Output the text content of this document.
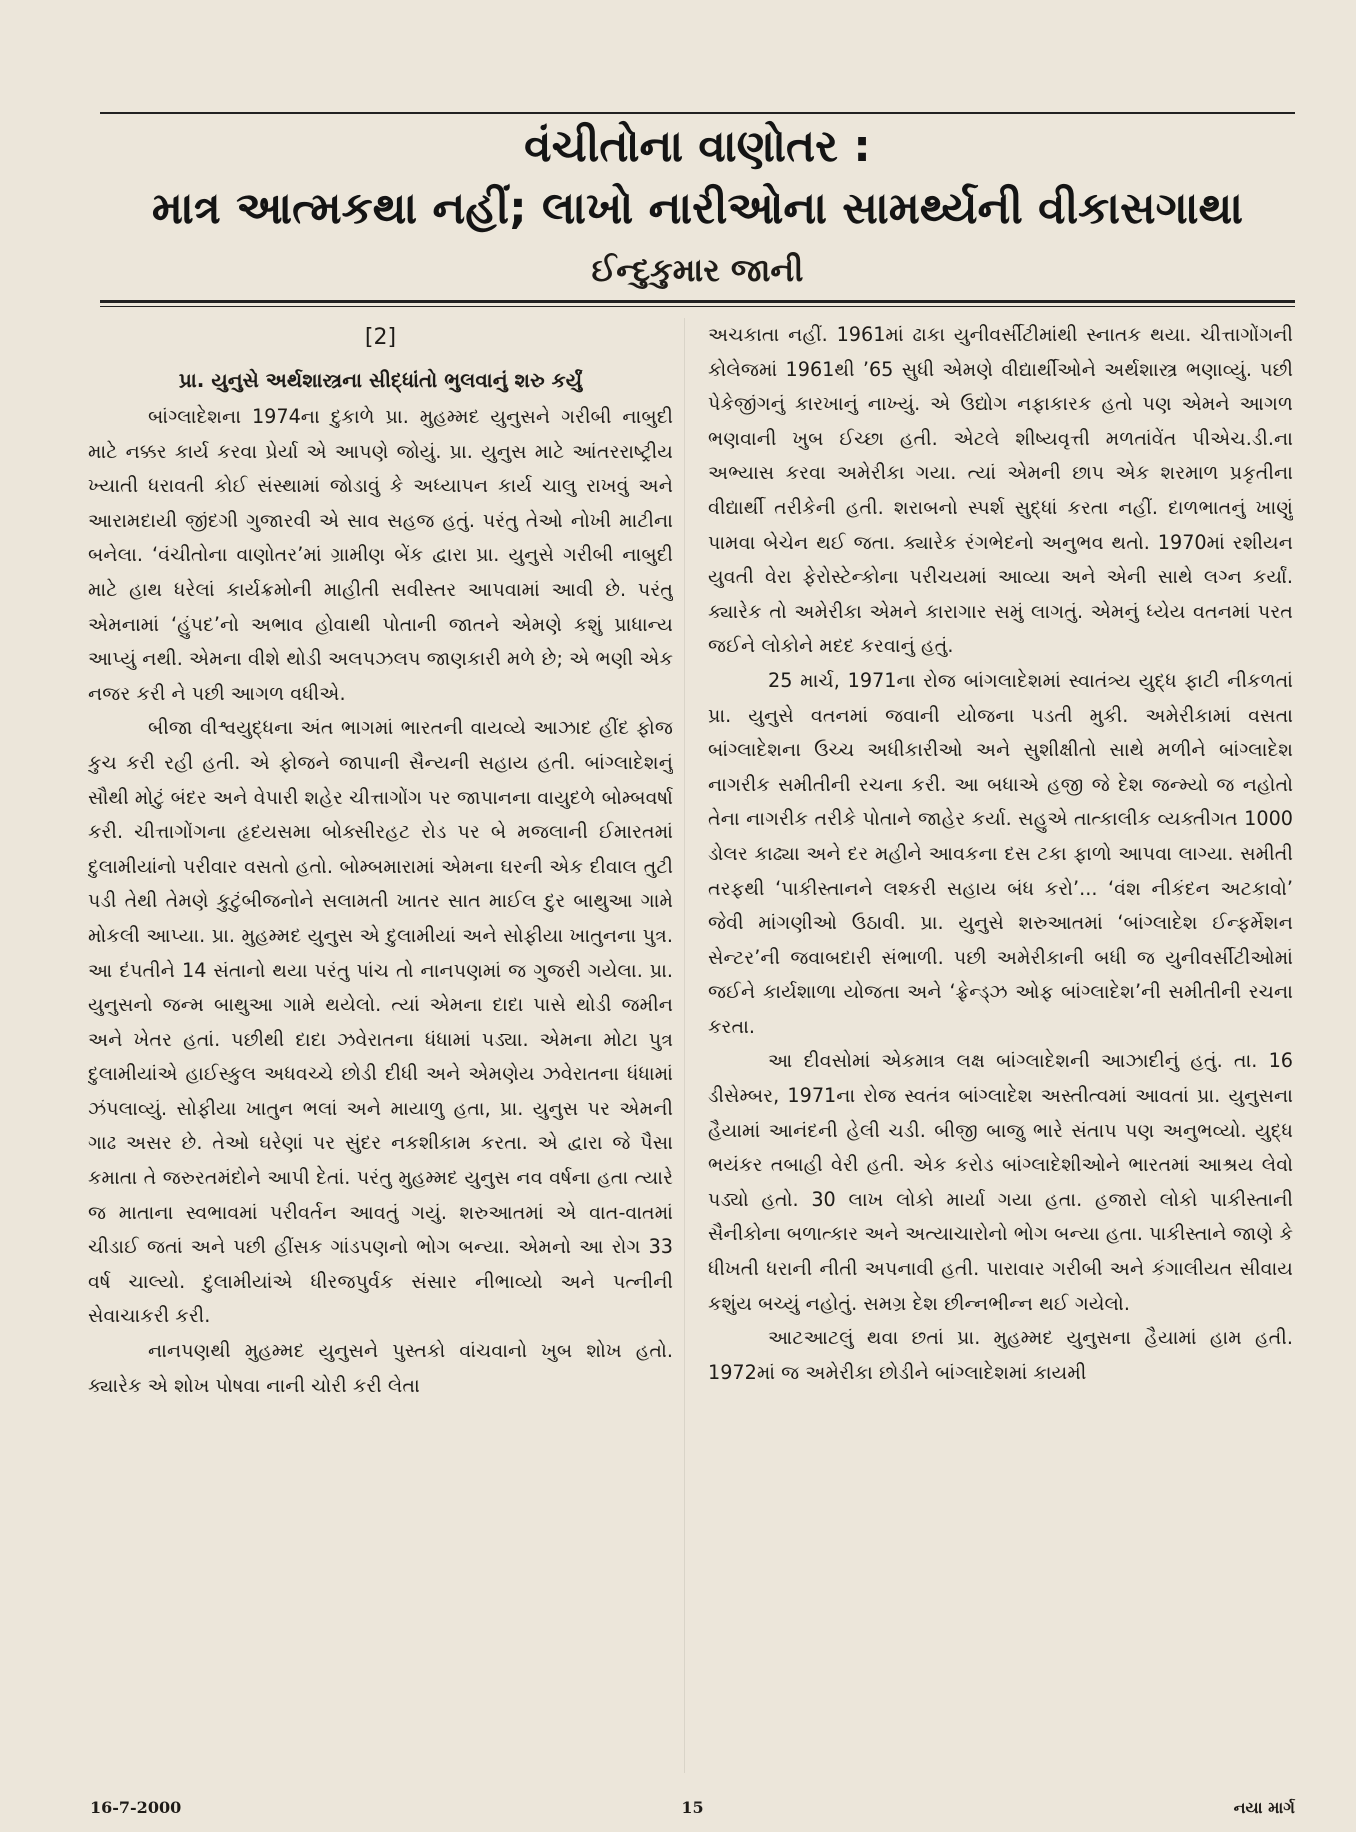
વંચીતોના વાણોતર :
માત્ર આત્મકથા નહીં; લાખો નારીઓના સામર્થ્યની વીકાસગાથા
ઈન્દુકુમાર જાની
[2]
પ્રા. યુનુસે અર્થશાસ્ત્રના સીદ્ધાંતો ભુલવાનું શરુ કર્યું

બાંગ્લાદેશના 1974ના દુકાળે પ્રા. મુહમ્મદ યુનુસને ગરીબી નાબુદી માટે નક્કર કાર્ય કરવા પ્રેર્યા એ આપણે જોયું. પ્રા. યુનુસ માટે આંતરરાષ્ટ્રીય ખ્યાતી ધરાવતી કોઈ સંસ્થામાં જોડાવું કે અધ્યાપન કાર્ય ચાલુ રાખવું અને આરામદાયી જીંદગી ગુજારવી એ સાવ સહજ હતું. પરંતુ તેઓ નોખી માટીના બનેલા. ‘વંચીતોના વાણોતર’માં ગ્રામીણ બેંક દ્વારા પ્રા. યુનુસે ગરીબી નાબુદી માટે હાથ ધરેલાં કાર્યક્રમોની માહીતી સવીસ્તર આપવામાં આવી છે. પરંતુ એમનામાં ‘હુંપદ’નો અભાવ હોવાથી પોતાની જાતને એમણે કશું પ્રાધાન્ય આપ્યું નથી. એમના વીશે થોડી અલપઝલપ જાણકારી મળે છે; એ ભણી એક નજર કરી ને પછી આગળ વધીએ.

બીજા વીશ્વયુદ્ધના અંત ભાગમાં ભારતની વાયવ્યે આઝાદ હીંદ ફોજ કુચ કરી રહી હતી. એ ફોજને જાપાની સૈન્યની સહાય હતી. બાંગ્લાદેશનું સૌથી મોટું બંદર અને વેપારી શહેર ચીત્તાગોંગ પર જાપાનના વાયુદળે બોમ્બવર્ષા કરી. ચીત્તાગોંગના હૃદયસમા બોક્સીરહટ રોડ પર બે મજલાની ઈમારતમાં દુલામીયાંનો પરીવાર વસતો હતો. બોમ્બમારામાં એમના ઘરની એક દીવાલ તુટી પડી તેથી તેમણે કુટુંબીજનોને સલામતી ખાતર સાત માઈલ દુર બાથુઆ ગામે મોકલી આપ્યા. પ્રા. મુહમ્મદ યુનુસ એ દુલામીયાં અને સોફીયા ખાતુનના પુત્ર. આ દંપતીને 14 સંતાનો થયા પરંતુ પાંચ તો નાનપણમાં જ ગુજરી ગયેલા. પ્રા. યુનુસનો જન્મ બાથુઆ ગામે થયેલો. ત્યાં એમના દાદા પાસે થોડી જમીન અને ખેતર હતાં. પછીથી દાદા ઝવેરાતના ધંધામાં પડ્યા. એમના મોટા પુત્ર દુલામીયાંએ હાઈસ્કુલ અધવચ્ચે છોડી દીધી અને એમણેય ઝવેરાતના ધંધામાં ઝંપલાવ્યું. સોફીયા ખાતુન ભલાં અને માયાળુ હતા, પ્રા. યુનુસ પર એમની ગાઢ અસર છે. તેઓ ઘરેણાં પર સુંદર નકશીકામ કરતા. એ દ્વારા જે પૈસા કમાતા તે જરુરતમંદોને આપી દેતાં. પરંતુ મુહમ્મદ યુનુસ નવ વર્ષના હતા ત્યારે જ માતાના સ્વભાવમાં પરીવર્તન આવતું ગયું. શરુઆતમાં એ વાત-વાતમાં ચીડાઈ જતાં અને પછી હીંસક ગાંડપણનો ભોગ બન્યા. એમનો આ રોગ 33 વર્ષ ચાલ્યો. દુલામીયાંએ ધીરજપુર્વક સંસાર નીભાવ્યો અને પત્નીની સેવાચાકરી કરી.

નાનપણથી મુહમ્મદ યુનુસને પુસ્તકો વાંચવાનો ખુબ શોખ હતો. ક્યારેક એ શોખ પોષવા નાની ચોરી કરી લેતા

અચકાતા નહીં. 1961માં ઢાકા યુનીવર્સીટીમાંથી સ્નાતક થયા. ચીત્તાગોંગની કોલેજમાં 1961થી ’65 સુધી એમણે વીદ્યાર્થીઓને અર્થશાસ્ત્ર ભણાવ્યું. પછી પેકેજીંગનું કારખાનું નાખ્યું. એ ઉદ્યોગ નફાકારક હતો પણ એમને આગળ ભણવાની ખુબ ઈચ્છા હતી. એટલે શીષ્યવૃત્તી મળતાંવેંત પીએચ.ડી.ના અભ્યાસ કરવા અમેરીકા ગયા. ત્યાં એમની છાપ એક શરમાળ પ્રકૃતીના વીદ્યાર્થી તરીકેની હતી. શરાબનો સ્પર્શ સુદ્ધાં કરતા નહીં. દાળભાતનું ખાણું પામવા બેચેન થઈ જતા. ક્યારેક રંગભેદનો અનુભવ થતો. 1970માં રશીયન યુવતી વેરા ફેરોસ્ટેન્કોના પરીચયમાં આવ્યા અને એની સાથે લગ્ન કર્યાં. ક્યારેક તો અમેરીકા એમને કારાગાર સમું લાગતું. એમનું ધ્યેય વતનમાં પરત જઈને લોકોને મદદ કરવાનું હતું.

25 માર્ચ, 1971ના રોજ બાંગલાદેશમાં સ્વાતંત્ર્ય યુદ્ધ ફાટી નીકળતાં પ્રા. યુનુસે વતનમાં જવાની યોજના પડતી મુકી. અમેરીકામાં વસતા બાંગ્લાદેશના ઉચ્ચ અધીકારીઓ અને સુશીક્ષીતો સાથે મળીને બાંગ્લાદેશ નાગરીક સમીતીની રચના કરી. આ બધાએ હજી જે દેશ જન્મ્યો જ નહોતો તેના નાગરીક તરીકે પોતાને જાહેર કર્યા. સહુએ તાત્કાલીક વ્યક્તીગત 1000 ડોલર કાઢ્યા અને દર મહીને આવકના દસ ટકા ફાળો આપવા લાગ્યા. સમીતી તરફથી ‘પાકીસ્તાનને લશ્કરી સહાય બંધ કરો’... ‘વંશ નીકંદન અટકાવો’ જેવી માંગણીઓ ઉઠાવી. પ્રા. યુનુસે શરુઆતમાં ‘બાંગ્લાદેશ ઈન્ફર્મેશન સેન્ટર’ની જવાબદારી સંભાળી. પછી અમેરીકાની બધી જ યુનીવર્સીટીઓમાં જઈને કાર્યશાળા યોજતા અને ‘ફ્રેન્ડ્ઝ ઓફ બાંગ્લાદેશ’ની સમીતીની રચના કરતા.

આ દીવસોમાં એકમાત્ર લક્ષ બાંગ્લાદેશની આઝાદીનું હતું. તા. 16 ડીસેમ્બર, 1971ના રોજ સ્વતંત્ર બાંગ્લાદેશ અસ્તીત્વમાં આવતાં પ્રા. યુનુસના હૈયામાં આનંદની હેલી ચડી. બીજી બાજુ ભારે સંતાપ પણ અનુભવ્યો. યુદ્ધ ભયંકર તબાહી વેરી હતી. એક કરોડ બાંગ્લાદેશીઓને ભારતમાં આશ્રય લેવો પડ્યો હતો. 30 લાખ લોકો માર્યા ગયા હતા. હજારો લોકો પાકીસ્તાની સૈનીકોના બળાત્કાર અને અત્યાચારોનો ભોગ બન્યા હતા. પાકીસ્તાને જાણે કે ધીખતી ધરાની નીતી અપનાવી હતી. પારાવાર ગરીબી અને કંગાલીયત સીવાય કશુંય બચ્યું નહોતું. સમગ્ર દેશ છીન્નભીન્ન થઈ ગયેલો.

આટઆટલું થવા છતાં પ્રા. મુહમ્મદ યુનુસના હૈયામાં હામ હતી. 1972માં જ અમેરીકા છોડીને બાંગ્લાદેશમાં કાયમી

16-7-2000	15	નયા માર્ગ
